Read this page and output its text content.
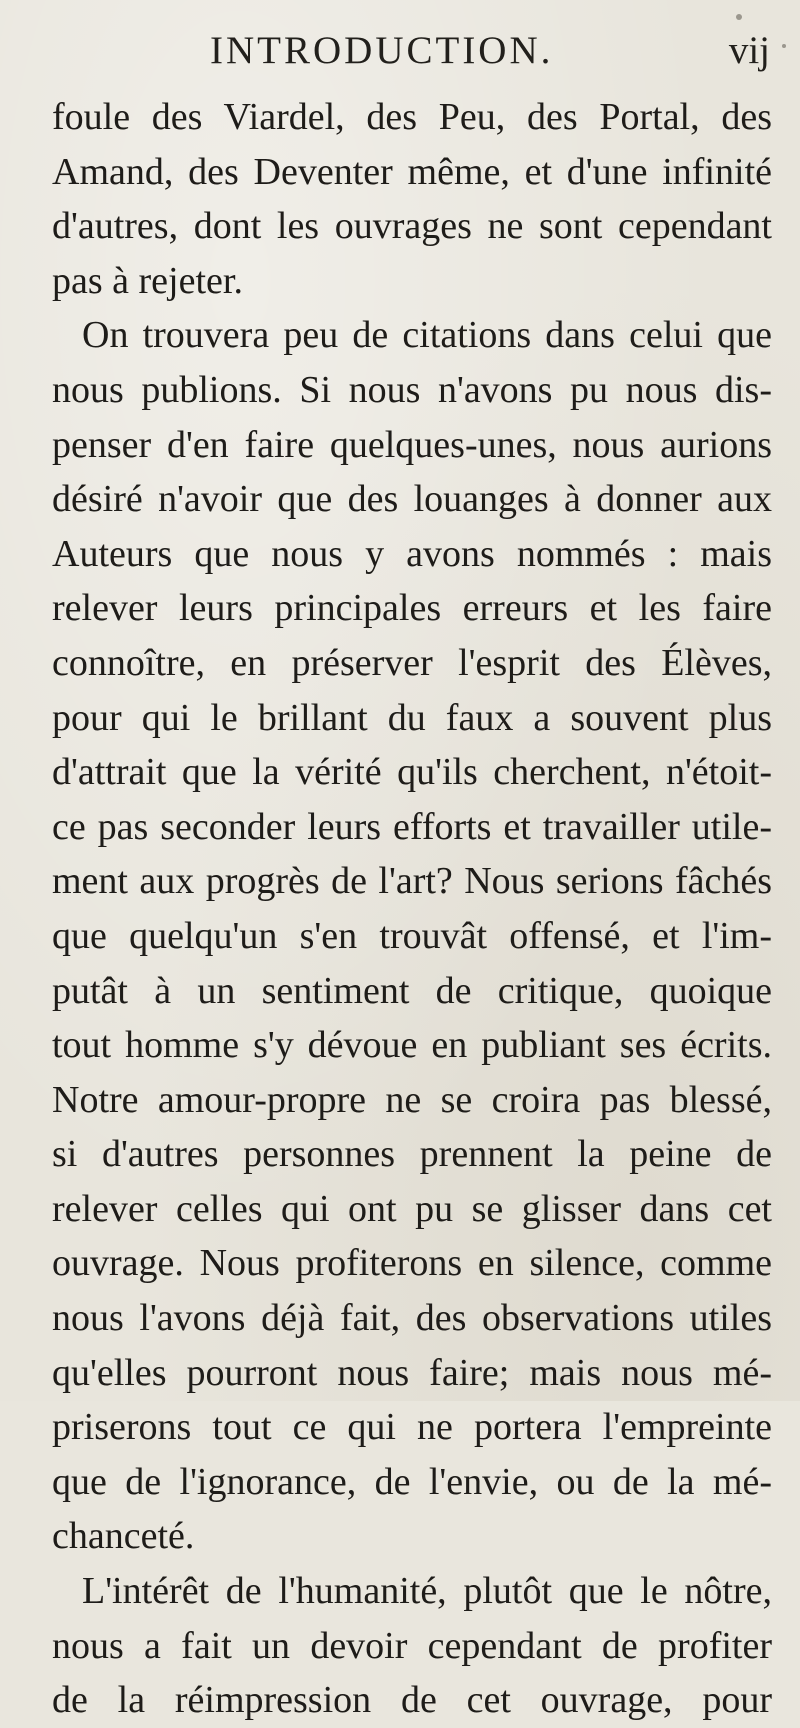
INTRODUCTION.	vij
foule des Viardel, des Peu, des Portal, des
Amand, des Deventer même, et d'une infinité
d'autres, dont les ouvrages ne sont cependant
pas à rejeter.
On trouvera peu de citations dans celui que
nous publions. Si nous n'avons pu nous dis-
penser d'en faire quelques-unes, nous aurions
désiré n'avoir que des louanges à donner aux
Auteurs que nous y avons nommés : mais
relever leurs principales erreurs et les faire
connoître, en préserver l'esprit des Élèves,
pour qui le brillant du faux a souvent plus
d'attrait que la vérité qu'ils cherchent, n'étoit-
ce pas seconder leurs efforts et travailler utile-
ment aux progrès de l'art? Nous serions fâchés
que quelqu'un s'en trouvât offensé, et l'im-
putât à un sentiment de critique, quoique
tout homme s'y dévoue en publiant ses écrits.
Notre amour-propre ne se croira pas blessé,
si d'autres personnes prennent la peine de
relever celles qui ont pu se glisser dans cet
ouvrage. Nous profiterons en silence, comme
nous l'avons déjà fait, des observations utiles
qu'elles pourront nous faire; mais nous mé-
priserons tout ce qui ne portera l'empreinte
que de l'ignorance, de l'envie, ou de la mé-
chanceté.
L'intérêt de l'humanité, plutôt que le nôtre,
nous a fait un devoir cependant de profiter
de la réimpression de cet ouvrage, pour
